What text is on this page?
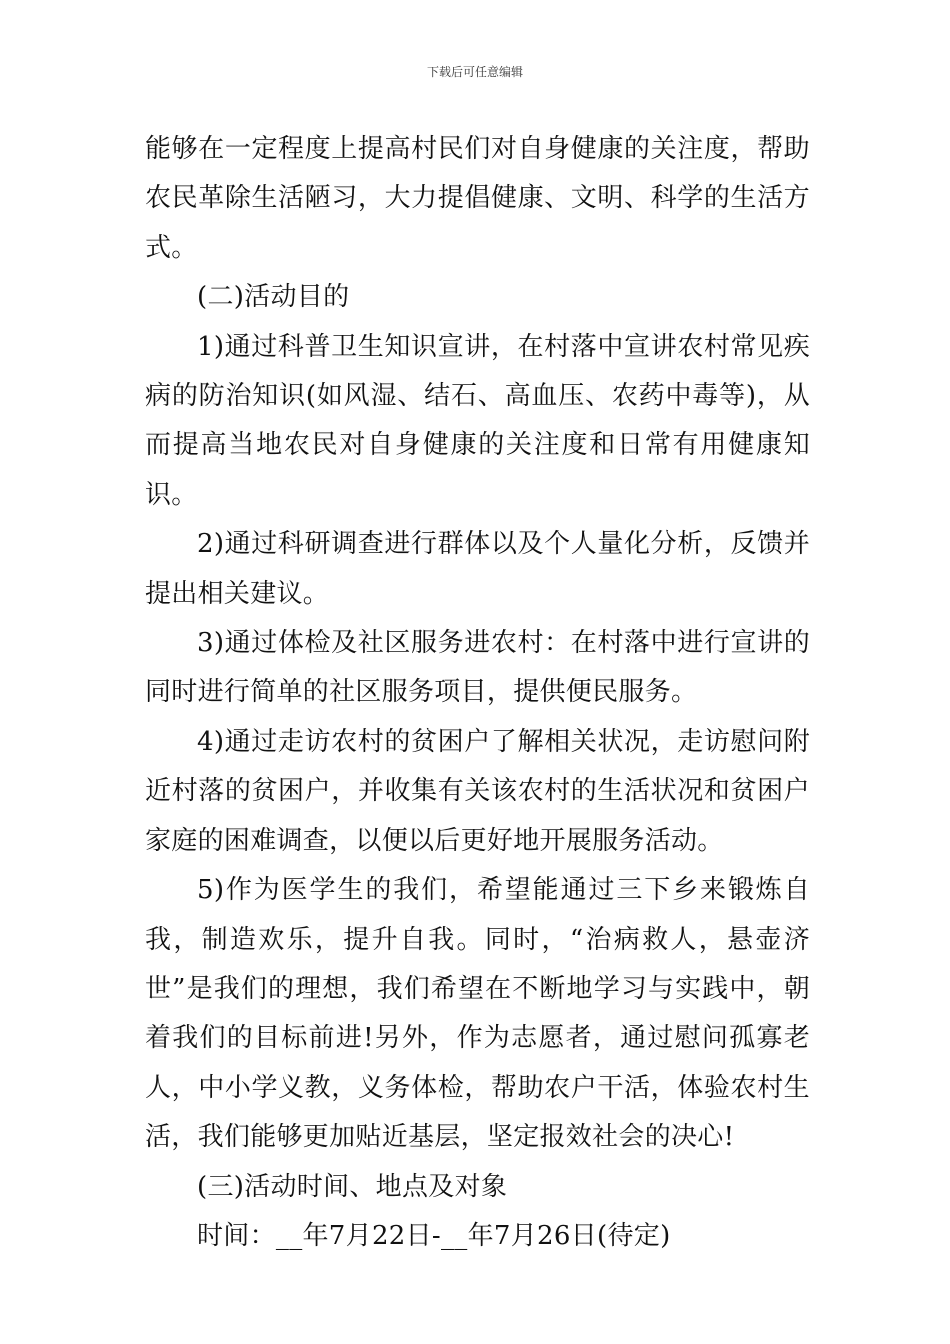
下载后可任意编辑

能够在一定程度上提高村民们对自身健康的关注度，帮助农民革除生活陋习，大力提倡健康、文明、科学的生活方式。

(二)活动目的

1)通过科普卫生知识宣讲，在村落中宣讲农村常见疾病的防治知识(如风湿、结石、高血压、农药中毒等)，从而提高当地农民对自身健康的关注度和日常有用健康知识。

2)通过科研调查进行群体以及个人量化分析，反馈并提出相关建议。

3)通过体检及社区服务进农村：在村落中进行宣讲的同时进行简单的社区服务项目，提供便民服务。

4)通过走访农村的贫困户了解相关状况，走访慰问附近村落的贫困户，并收集有关该农村的生活状况和贫困户家庭的困难调查，以便以后更好地开展服务活动。

5)作为医学生的我们，希望能通过三下乡来锻炼自我，制造欢乐，提升自我。同时，“治病救人，悬壶济世”是我们的理想，我们希望在不断地学习与实践中，朝着我们的目标前进!另外，作为志愿者，通过慰问孤寡老人，中小学义教，义务体检，帮助农户干活，体验农村生活，我们能够更加贴近基层，坚定报效社会的决心!

(三)活动时间、地点及对象

时间：__年7月22日-__年7月26日(待定)
